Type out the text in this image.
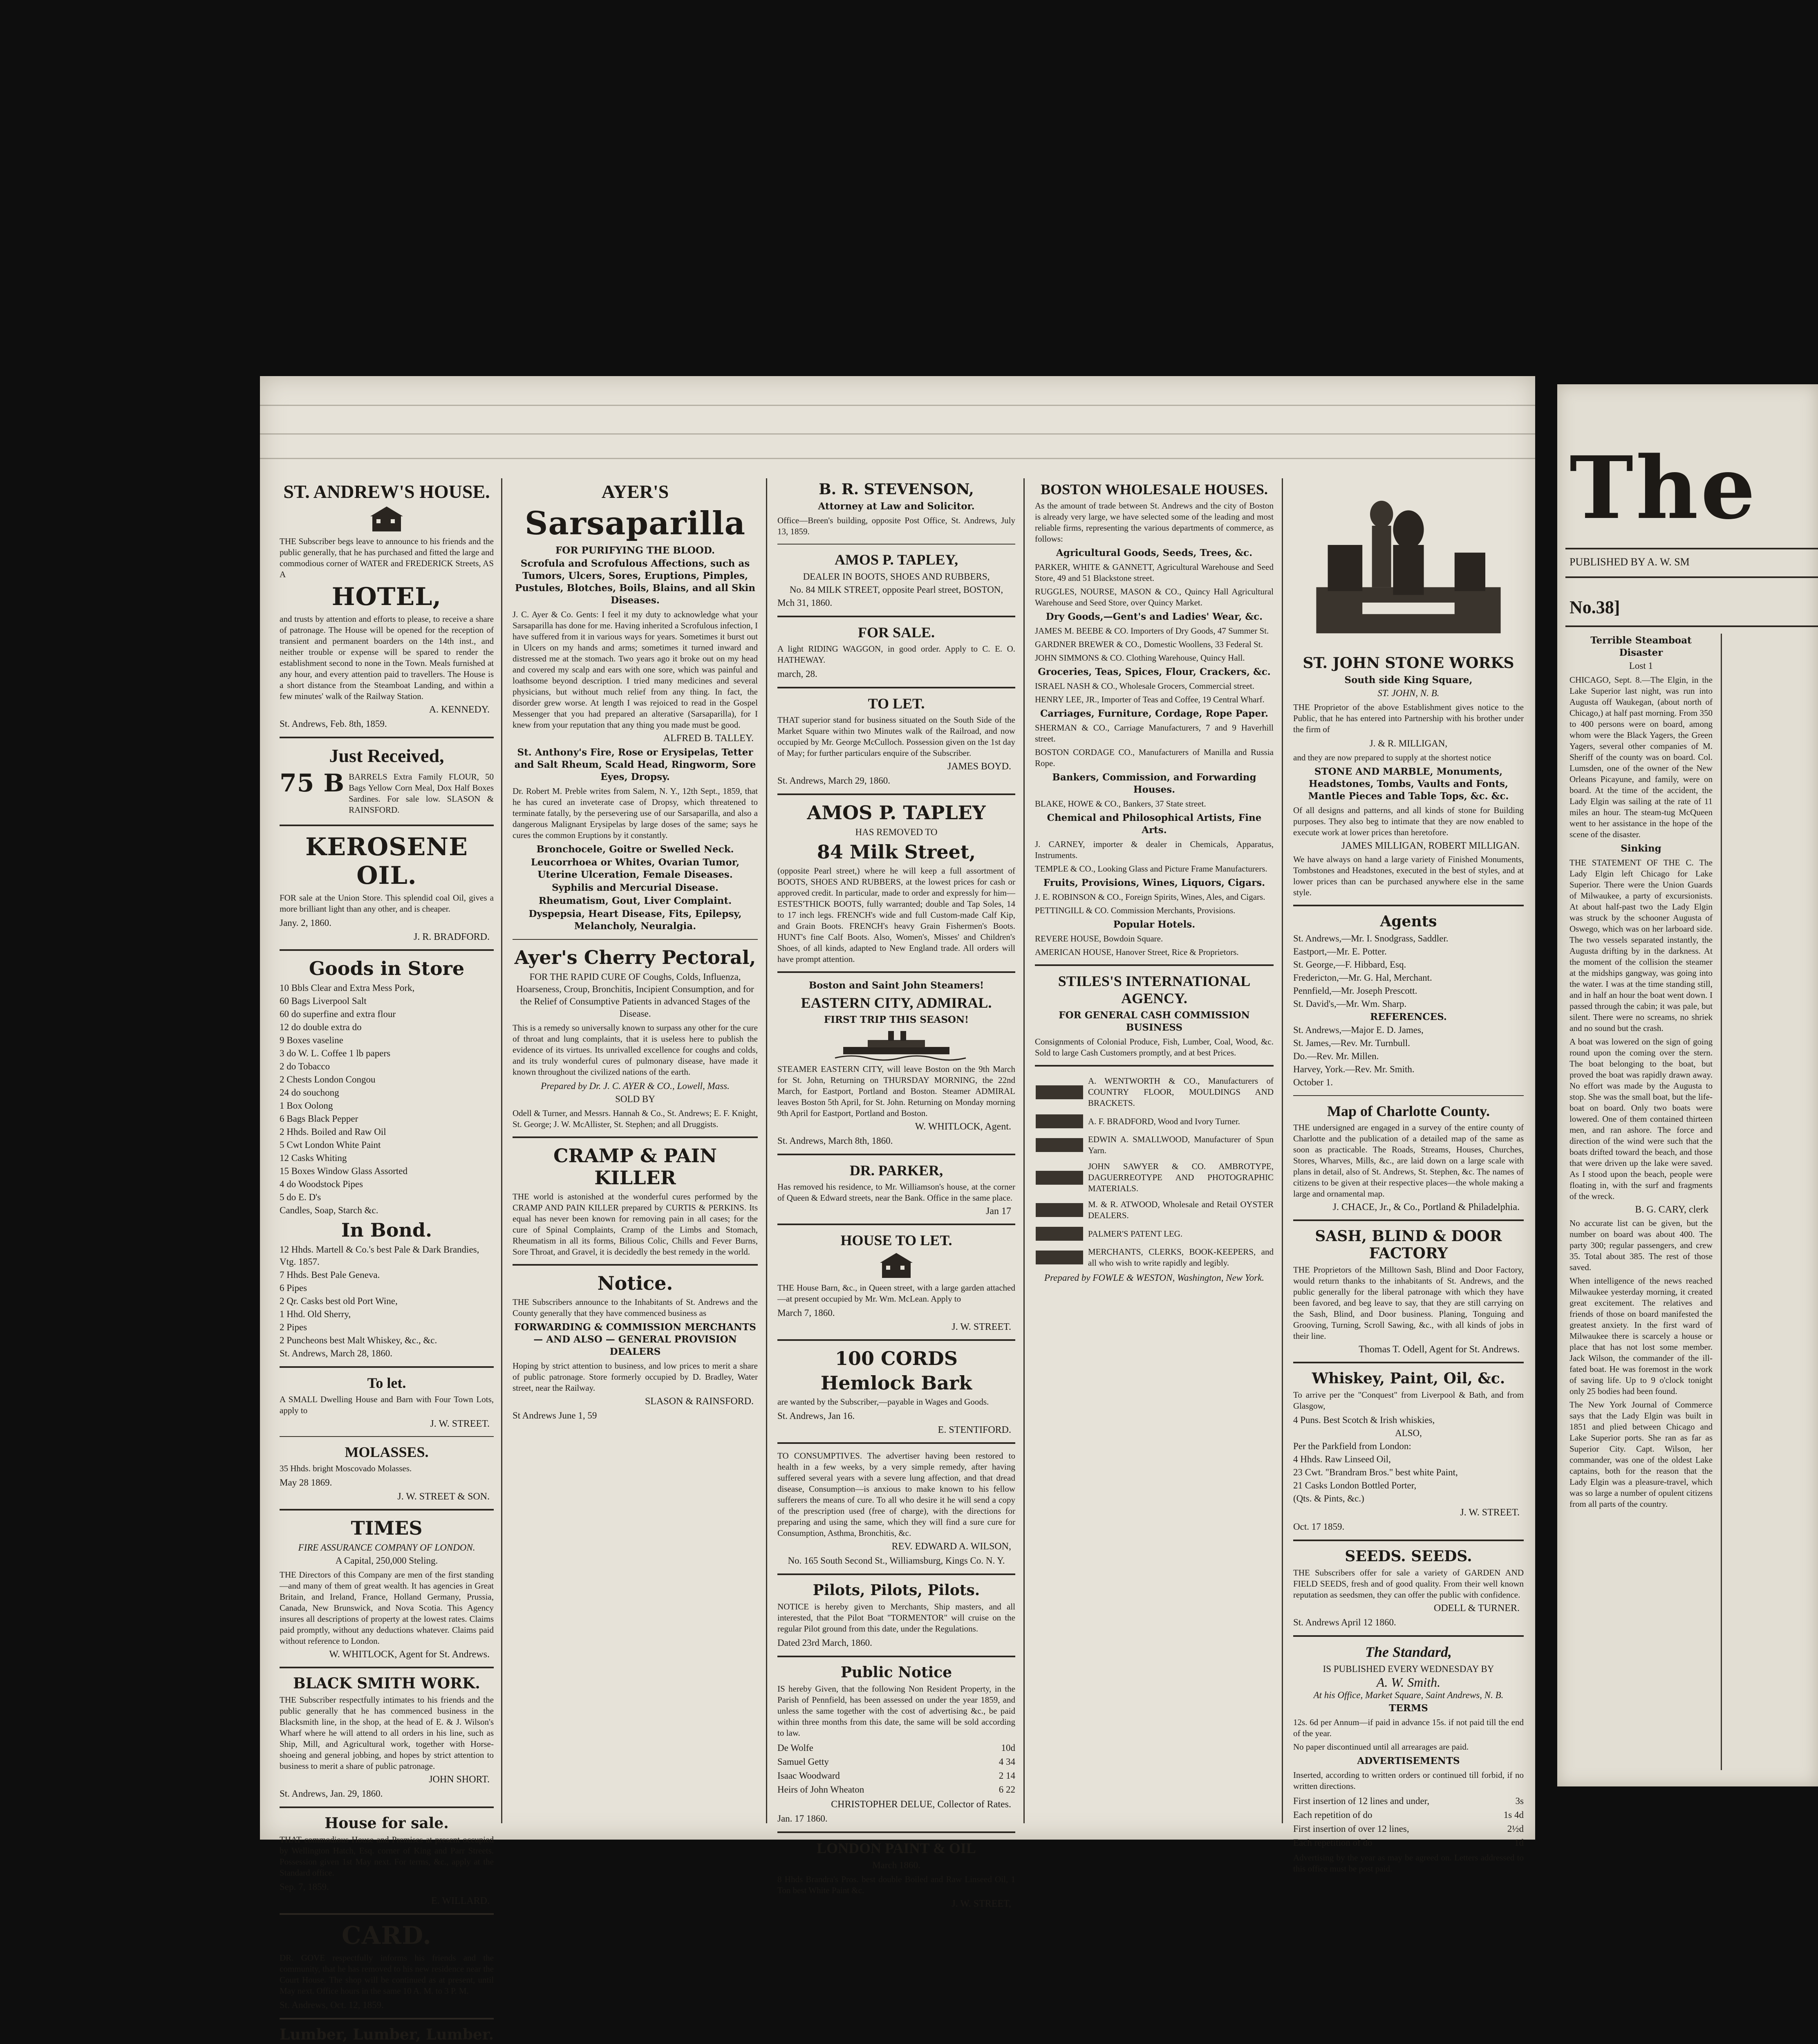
ST. ANDREW'S HOUSE.

THE Subscriber begs leave to announce to his friends and the public generally, that he has purchased and fitted the large and commodious corner of WATER and FREDERICK Streets, AS A

HOTEL,

and trusts by attention and efforts to please, to receive a share of patronage. The House will be opened for the reception of transient and permanent boarders on the 14th inst., and neither trouble or expense will be spared to render the establishment second to none in the Town. Meals furnished at any hour, and every attention paid to travellers. The House is a short distance from the Steamboat Landing, and within a few minutes' walk of the Railway Station.

A. KENNEDY.
St. Andrews, Feb. 8th, 1859.
Just Received,
75 B BARRELS Extra Family FLOUR, 50 Bags Yellow Corn Meal, Dox Half Boxes Sardines. For sale low. SLASON & RAINSFORD.

KEROSENE OIL.

FOR sale at the Union Store. This splendid coal Oil, gives a more brilliant light than any other, and is cheaper.

Jany. 2, 1860.
J. R. BRADFORD.
Goods in Store
10 Bbls Clear and Extra Mess Pork,
60 Bags Liverpool Salt
60 do superfine and extra flour
12 do double extra do
9 Boxes vaseline
3 do W. L. Coffee 1 lb papers
2 do Tobacco
2 Chests London Congou
24 do souchong
1 Box Oolong
6 Bags Black Pepper
2 Hhds. Boiled and Raw Oil
5 Cwt London White Paint
12 Casks Whiting
15 Boxes Window Glass Assorted
4 do Woodstock Pipes
5 do E. D's
Candles, Soap, Starch &c.
In Bond.
12 Hhds. Martell & Co.'s best Pale & Dark Brandies, Vtg. 1857.
7 Hhds. Best Pale Geneva.
6 Pipes
2 Qr. Casks best old Port Wine,
1 Hhd. Old Sherry,
2 Pipes
2 Puncheons best Malt Whiskey, &c., &c.
St. Andrews, March 28, 1860.
To let.

A SMALL Dwelling House and Barn with Four Town Lots, apply to

J. W. STREET.
MOLASSES.

35 Hhds. bright Moscovado Molasses.

May 28 1869.
J. W. STREET & SON.
TIMES
FIRE ASSURANCE COMPANY OF LONDON.
A Capital, 250,000 Steling.

THE Directors of this Company are men of the first standing—and many of them of great wealth. It has agencies in Great Britain, and Ireland, France, Holland Germany, Prussia, Canada, New Brunswick, and Nova Scotia. This Agency insures all descriptions of property at the lowest rates. Claims paid promptly, without any deductions whatever. Claims paid without reference to London.

W. WHITLOCK, Agent for St. Andrews.
BLACK SMITH WORK.

THE Subscriber respectfully intimates to his friends and the public generally that he has commenced business in the Blacksmith line, in the shop, at the head of E. & J. Wilson's Wharf where he will attend to all orders in his line, such as Ship, Mill, and Agricultural work, together with Horse-shoeing and general jobbing, and hopes by strict attention to business to merit a share of public patronage.

JOHN SHORT.
St. Andrews, Jan. 29, 1860.
House for sale.

THAT commodious House and Premises at present occupied by Wellington Hatch, Esq. corner of King and Parr Streets. Possession given 1st May next. For terms, &c., apply at the Standard office.

Sep. 7, 1859.
E. WILLARD.
CARD.

DR. GOVE respectfully informs his friends and the community, that he has removed to his new residence near the Court House. The shop will be continued as at present, until May next. Office hours in the same 10 A. M. to 3 P. M.

St. Andrews, Oct. 12, 1859.
Lumber, Lumber, Lumber.

AYER'S
Sarsaparilla
FOR PURIFYING THE BLOOD.
Scrofula and Scrofulous Affections, such as Tumors, Ulcers, Sores, Eruptions, Pimples, Pustules, Blotches, Boils, Blains, and all Skin Diseases.

J. C. Ayer & Co. Gents: I feel it my duty to acknowledge what your Sarsaparilla has done for me. Having inherited a Scrofulous infection, I have suffered from it in various ways for years. Sometimes it burst out in Ulcers on my hands and arms; sometimes it turned inward and distressed me at the stomach. Two years ago it broke out on my head and covered my scalp and ears with one sore, which was painful and loathsome beyond description. I tried many medicines and several physicians, but without much relief from any thing. In fact, the disorder grew worse. At length I was rejoiced to read in the Gospel Messenger that you had prepared an alterative (Sarsaparilla), for I knew from your reputation that any thing you made must be good.

ALFRED B. TALLEY.
St. Anthony's Fire, Rose or Erysipelas, Tetter and Salt Rheum, Scald Head, Ringworm, Sore Eyes, Dropsy.

Dr. Robert M. Preble writes from Salem, N. Y., 12th Sept., 1859, that he has cured an inveterate case of Dropsy, which threatened to terminate fatally, by the persevering use of our Sarsaparilla, and also a dangerous Malignant Erysipelas by large doses of the same; says he cures the common Eruptions by it constantly.

Bronchocele, Goitre or Swelled Neck.
Leucorrhoea or Whites, Ovarian Tumor, Uterine Ulceration, Female Diseases.
Syphilis and Mercurial Disease.
Rheumatism, Gout, Liver Complaint.
Dyspepsia, Heart Disease, Fits, Epilepsy, Melancholy, Neuralgia.
Ayer's Cherry Pectoral,
FOR THE RAPID CURE OF Coughs, Colds, Influenza, Hoarseness, Croup, Bronchitis, Incipient Consumption, and for the Relief of Consumptive Patients in advanced Stages of the Disease.

This is a remedy so universally known to surpass any other for the cure of throat and lung complaints, that it is useless here to publish the evidence of its virtues. Its unrivalled excellence for coughs and colds, and its truly wonderful cures of pulmonary disease, have made it known throughout the civilized nations of the earth.

Prepared by Dr. J. C. AYER & CO., Lowell, Mass.
SOLD BY

Odell & Turner, and Messrs. Hannah & Co., St. Andrews; E. F. Knight, St. George; J. W. McAllister, St. Stephen; and all Druggists.

CRAMP & PAIN KILLER

THE world is astonished at the wonderful cures performed by the CRAMP AND PAIN KILLER prepared by CURTIS & PERKINS. Its equal has never been known for removing pain in all cases; for the cure of Spinal Complaints, Cramp of the Limbs and Stomach, Rheumatism in all its forms, Bilious Colic, Chills and Fever Burns, Sore Throat, and Gravel, it is decidedly the best remedy in the world.

Notice.

THE Subscribers announce to the Inhabitants of St. Andrews and the County generally that they have commenced business as

FORWARDING & COMMISSION MERCHANTS — AND ALSO — GENERAL PROVISION DEALERS

Hoping by strict attention to business, and low prices to merit a share of public patronage. Store formerly occupied by D. Bradley, Water street, near the Railway.

SLASON & RAINSFORD.
St Andrews June 1, 59
B. R. STEVENSON,
Attorney at Law and Solicitor.

Office—Breen's building, opposite Post Office, St. Andrews, July 13, 1859.

AMOS P. TAPLEY,
DEALER IN BOOTS, SHOES AND RUBBERS,
No. 84 MILK STREET, opposite Pearl street, BOSTON,
Mch 31, 1860.
FOR SALE.

A light RIDING WAGGON, in good order. Apply to C. E. O. HATHEWAY.

march, 28.
TO LET.

THAT superior stand for business situated on the South Side of the Market Square within two Minutes walk of the Railroad, and now occupied by Mr. George McCulloch. Possession given on the 1st day of May; for further particulars enquire of the Subscriber.

JAMES BOYD.
St. Andrews, March 29, 1860.
AMOS P. TAPLEY
HAS REMOVED TO
84 Milk Street,

(opposite Pearl street,) where he will keep a full assortment of BOOTS, SHOES AND RUBBERS, at the lowest prices for cash or approved credit. In particular, made to order and expressly for him— ESTES'THICK BOOTS, fully warranted; double and Tap Soles, 14 to 17 inch legs. FRENCH's wide and full Custom-made Calf Kip, and Grain Boots. FRENCH's heavy Grain Fishermen's Boots. HUNT's fine Calf Boots. Also, Women's, Misses' and Children's Shoes, of all kinds, adapted to New England trade. All orders will have prompt attention.

Boston and Saint John Steamers!
EASTERN CITY, ADMIRAL.
FIRST TRIP THIS SEASON!

STEAMER EASTERN CITY, will leave Boston on the 9th March for St. John, Returning on THURSDAY MORNING, the 22nd March, for Eastport, Portland and Boston. Steamer ADMIRAL leaves Boston 5th April, for St. John. Returning on Monday morning 9th April for Eastport, Portland and Boston.

W. WHITLOCK, Agent.
St. Andrews, March 8th, 1860.
DR. PARKER,

Has removed his residence, to Mr. Williamson's house, at the corner of Queen & Edward streets, near the Bank. Office in the same place.

Jan 17
HOUSE TO LET.

THE House Barn, &c., in Queen street, with a large garden attached—at present occupied by Mr. Wm. McLean. Apply to

March 7, 1860.
J. W. STREET.
100 CORDS
Hemlock Bark

are wanted by the Subscriber,—payable in Wages and Goods.

St. Andrews, Jan 16.
E. STENTIFORD.

TO CONSUMPTIVES. The advertiser having been restored to health in a few weeks, by a very simple remedy, after having suffered several years with a severe lung affection, and that dread disease, Consumption—is anxious to make known to his fellow sufferers the means of cure. To all who desire it he will send a copy of the prescription used (free of charge), with the directions for preparing and using the same, which they will find a sure cure for Consumption, Asthma, Bronchitis, &c.

REV. EDWARD A. WILSON,
No. 165 South Second St., Williamsburg, Kings Co. N. Y.
Pilots, Pilots, Pilots.

NOTICE is hereby given to Merchants, Ship masters, and all interested, that the Pilot Boat "TORMENTOR" will cruise on the regular Pilot ground from this date, under the Regulations.

Dated 23rd March, 1860.
Public Notice

IS hereby Given, that the following Non Resident Property, in the Parish of Pennfield, has been assessed on under the year 1859, and unless the same together with the cost of advertising &c., be paid within three months from this date, the same will be sold according to law.

De Wolfe	10d
Samuel Getty	4 34
Isaac Woodward	2 14
Heirs of John Wheaton	6 22
CHRISTOPHER DELUE, Collector of Rates.
Jan. 17 1860.
LONDON PAINT & OIL
March 1860.

8 Hhds Brandra's Pros. best double Boiled and Raw Linseed Oil, 1 Ton best White Paint &c.

J. W. STREET,
BOSTON WHOLESALE HOUSES.

As the amount of trade between St. Andrews and the city of Boston is already very large, we have selected some of the leading and most reliable firms, representing the various departments of commerce, as follows:

Agricultural Goods, Seeds, Trees, &c.

PARKER, WHITE & GANNETT, Agricultural Warehouse and Seed Store, 49 and 51 Blackstone street.

RUGGLES, NOURSE, MASON & CO., Quincy Hall Agricultural Warehouse and Seed Store, over Quincy Market.

Dry Goods,—Gent's and Ladies' Wear, &c.

JAMES M. BEEBE & CO. Importers of Dry Goods, 47 Summer St.

GARDNER BREWER & CO., Domestic Woollens, 33 Federal St.

JOHN SIMMONS & CO. Clothing Warehouse, Quincy Hall.

Groceries, Teas, Spices, Flour, Crackers, &c.

ISRAEL NASH & CO., Wholesale Grocers, Commercial street.

HENRY LEE, JR., Importer of Teas and Coffee, 19 Central Wharf.

Carriages, Furniture, Cordage, Rope Paper.

SHERMAN & CO., Carriage Manufacturers, 7 and 9 Haverhill street.

BOSTON CORDAGE CO., Manufacturers of Manilla and Russia Rope.

Bankers, Commission, and Forwarding Houses.

BLAKE, HOWE & CO., Bankers, 37 State street.

Chemical and Philosophical Artists, Fine Arts.

J. CARNEY, importer & dealer in Chemicals, Apparatus, Instruments.

TEMPLE & CO., Looking Glass and Picture Frame Manufacturers.

Fruits, Provisions, Wines, Liquors, Cigars.

J. E. ROBINSON & CO., Foreign Spirits, Wines, Ales, and Cigars.

PETTINGILL & CO. Commission Merchants, Provisions.

Popular Hotels.

REVERE HOUSE, Bowdoin Square.

AMERICAN HOUSE, Hanover Street, Rice & Proprietors.

STILES'S INTERNATIONAL AGENCY.
FOR GENERAL CASH COMMISSION BUSINESS

Consignments of Colonial Produce, Fish, Lumber, Coal, Wood, &c. Sold to large Cash Customers promptly, and at best Prices.

A. WENTWORTH & CO., Manufacturers of COUNTRY FLOOR, MOULDINGS AND BRACKETS.

A. F. BRADFORD, Wood and Ivory Turner.

EDWIN A. SMALLWOOD, Manufacturer of Spun Yarn.

JOHN SAWYER & CO. AMBROTYPE, DAGUERREOTYPE AND PHOTOGRAPHIC MATERIALS.

M. & R. ATWOOD, Wholesale and Retail OYSTER DEALERS.

PALMER'S PATENT LEG.

MERCHANTS, CLERKS, BOOK-KEEPERS, and all who wish to write rapidly and legibly.

Prepared by FOWLE & WESTON, Washington, New York.
ST. JOHN STONE WORKS
South side King Square,
ST. JOHN, N. B.

THE Proprietor of the above Establishment gives notice to the Public, that he has entered into Partnership with his brother under the firm of

J. & R. MILLIGAN,

and they are now prepared to supply at the shortest notice

STONE AND MARBLE, Monuments, Headstones, Tombs, Vaults and Fonts, Mantle Pieces and Table Tops, &c. &c.

Of all designs and patterns, and all kinds of stone for Building purposes. They also beg to intimate that they are now enabled to execute work at lower prices than heretofore.

JAMES MILLIGAN, ROBERT MILLIGAN.

We have always on hand a large variety of Finished Monuments, Tombstones and Headstones, executed in the best of styles, and at lower prices than can be purchased anywhere else in the same style.

Agents
St. Andrews,—Mr. I. Snodgrass, Saddler.
Eastport,—Mr. E. Potter.
St. George,—F. Hibbard, Esq.
Fredericton,—Mr. G. Hal, Merchant.
Pennfield,—Mr. Joseph Prescott.
St. David's,—Mr. Wm. Sharp.
REFERENCES.
St. Andrews,—Major E. D. James,
St. James,—Rev. Mr. Turnbull.
Do.—Rev. Mr. Millen.
Harvey, York.—Rev. Mr. Smith.
October 1.
Map of Charlotte County.

THE undersigned are engaged in a survey of the entire county of Charlotte and the publication of a detailed map of the same as soon as practicable. The Roads, Streams, Houses, Churches, Stores, Wharves, Mills, &c., are laid down on a large scale with plans in detail, also of St. Andrews, St. Stephen, &c. The names of citizens to be given at their respective places—the whole making a large and ornamental map.

J. CHACE, Jr., & Co., Portland & Philadelphia.
SASH, BLIND & DOOR FACTORY

THE Proprietors of the Milltown Sash, Blind and Door Factory, would return thanks to the inhabitants of St. Andrews, and the public generally for the liberal patronage with which they have been favored, and beg leave to say, that they are still carrying on the Sash, Blind, and Door business. Planing, Tonguing and Grooving, Turning, Scroll Sawing, &c., with all kinds of jobs in their line.

Thomas T. Odell, Agent for St. Andrews.
Whiskey, Paint, Oil, &c.

To arrive per the "Conquest" from Liverpool & Bath, and from Glasgow,

4 Puns. Best Scotch & Irish whiskies,
ALSO,
Per the Parkfield from London:
4 Hhds. Raw Linseed Oil,
23 Cwt. "Brandram Bros." best white Paint,
21 Casks London Bottled Porter,
(Qts. & Pints, &c.)
J. W. STREET.
Oct. 17 1859.
SEEDS. SEEDS.

THE Subscribers offer for sale a variety of GARDEN AND FIELD SEEDS, fresh and of good quality. From their well known reputation as seedsmen, they can offer the public with confidence.

ODELL & TURNER.
St. Andrews April 12 1860.
The Standard,
IS PUBLISHED EVERY WEDNESDAY BY
A. W. Smith.
At his Office, Market Square, Saint Andrews, N. B.
TERMS

12s. 6d per Annum—if paid in advance 15s. if not paid till the end of the year.

No paper discontinued until all arrearages are paid.

ADVERTISEMENTS

Inserted, according to written orders or continued till forbid, if no written directions.

First insertion of 12 lines and under,	3s
Each repetition of do	1s 4d
First insertion of over 12 lines,	2½d
Each repetition of do	1d

Advertising by the year as may be agreed on. Letters addressed to this office must be post paid.

The
PUBLISHED BY A. W. SM
No.38]
Terrible Steamboat Disaster
Lost 1

CHICAGO, Sept. 8.—The Elgin, in the Lake Superior last night, was run into Augusta off Waukegan, (about north of Chicago,) at half past morning. From 350 to 400 persons were on board, among whom were the Black Yagers, the Green Yagers, several other companies of M. Sheriff of the county was on board. Col. Lumsden, one of the owner of the New Orleans Picayune, and family, were on board. At the time of the accident, the Lady Elgin was sailing at the rate of 11 miles an hour. The steam-tug McQueen went to her assistance in the hope of the scene of the disaster.

Sinking

THE STATEMENT OF THE C. The Lady Elgin left Chicago for Lake Superior. There were the Union Guards of Milwaukee, a party of excursionists. At about half-past two the Lady Elgin was struck by the schooner Augusta of Oswego, which was on her larboard side. The two vessels separated instantly, the Augusta drifting by in the darkness. At the moment of the collision the steamer at the midships gangway, was going into the water. I was at the time standing still, and in half an hour the boat went down. I passed through the cabin; it was pale, but silent. There were no screams, no shriek and no sound but the crash.

A boat was lowered on the sign of going round upon the coming over the stern. The boat belonging to the boat, but proved the boat was rapidly drawn away. No effort was made by the Augusta to stop. She was the small boat, but the life-boat on board. Only two boats were lowered. One of them contained thirteen men, and ran ashore. The force and direction of the wind were such that the boats drifted toward the beach, and those that were driven up the lake were saved. As I stood upon the beach, people were floating in, with the surf and fragments of the wreck.

B. G. CARY, clerk

No accurate list can be given, but the number on board was about 400. The party 300; regular passengers, and crew 35. Total about 385. The rest of those saved.

When intelligence of the news reached Milwaukee yesterday morning, it created great excitement. The relatives and friends of those on board manifested the greatest anxiety. In the first ward of Milwaukee there is scarcely a house or place that has not lost some member. Jack Wilson, the commander of the ill-fated boat. He was foremost in the work of saving life. Up to 9 o'clock tonight only 25 bodies had been found.

The New York Journal of Commerce says that the Lady Elgin was built in 1851 and plied between Chicago and Lake Superior ports. She ran as far as Superior City. Capt. Wilson, her commander, was one of the oldest Lake captains, both for the reason that the Lady Elgin was a pleasure-travel, which was so large a number of opulent citizens from all parts of the country.
